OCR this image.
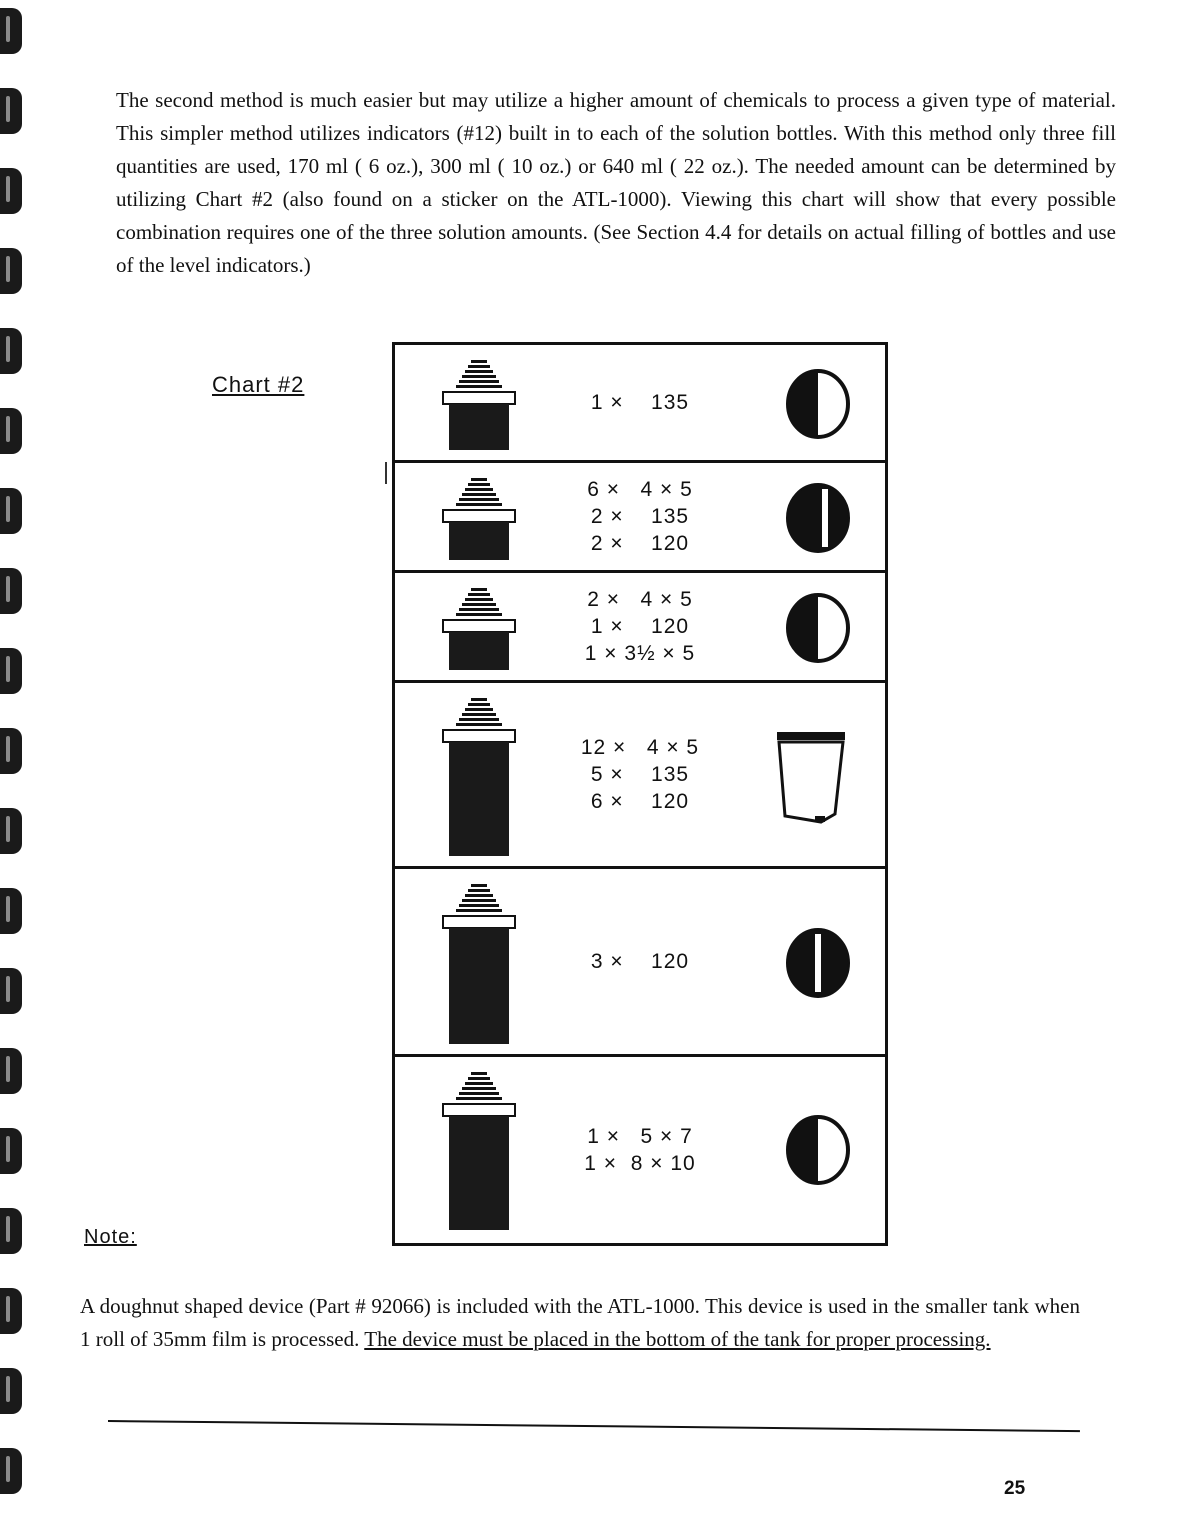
The second method is much easier but may utilize a higher amount of chemicals to process a given type of material. This simpler method utilizes indicators (#12) built in to each of the solution bottles. With this method only three fill quantities are used, 170 ml ( 6 oz.), 300 ml ( 10 oz.) or 640 ml ( 22 oz.). The needed amount can be determined by utilizing Chart #2 (also found on a sticker on the ATL-1000). Viewing this chart will show that every possible combination requires one of the three solution amounts. (See Section 4.4 for details on actual filling of bottles and use of the level indicators.)

Chart #2
1 ×    135
6 ×   4 × 5
2 ×    135
2 ×    120
2 ×   4 × 5
1 ×    120
1 × 3½ × 5
12 ×   4 × 5
5 ×    135
6 ×    120
3 ×    120
1 ×   5 × 7
1 ×  8 × 10
Note:

A doughnut shaped device (Part # 92066) is included with the ATL-1000. This device is used in the smaller tank when 1 roll of 35mm film is processed. The device must be placed in the bottom of the tank for proper processing.

25
